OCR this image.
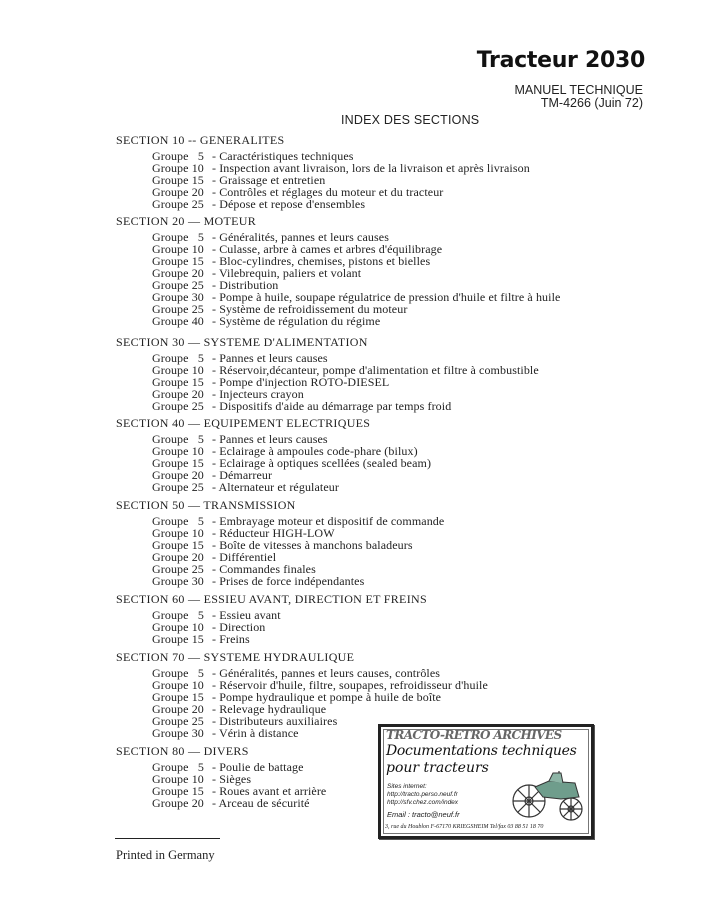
Tracteur 2030
MANUEL TECHNIQUE
TM-4266 (Juin 72)
INDEX DES SECTIONS
SECTION 10 -- GENERALITES
Groupe   5 - Caractéristiques techniques
Groupe 10 - Inspection avant livraison, lors de la livraison et après livraison
Groupe 15 - Graissage et entretien
Groupe 20 - Contrôles et réglages du moteur et du tracteur
Groupe 25 - Dépose et repose d'ensembles
SECTION 20 — MOTEUR
Groupe   5 - Généralités, pannes et leurs causes
Groupe 10 - Culasse, arbre à cames et arbres d'équilibrage
Groupe 15 - Bloc-cylindres, chemises, pistons et bielles
Groupe 20 - Vilebrequin, paliers et volant
Groupe 25 - Distribution
Groupe 30 - Pompe à huile, soupape régulatrice de pression d'huile et filtre à huile
Groupe 25 - Système de refroidissement du moteur
Groupe 40 - Système de régulation du régime
SECTION 30 — SYSTEME D'ALIMENTATION
Groupe   5 - Pannes et leurs causes
Groupe 10 - Réservoir,décanteur, pompe d'alimentation et filtre à combustible
Groupe 15 - Pompe d'injection ROTO-DIESEL
Groupe 20 - Injecteurs crayon
Groupe 25 - Dispositifs d'aide au démarrage par temps froid
SECTION 40 — EQUIPEMENT ELECTRIQUES
Groupe   5 - Pannes et leurs causes
Groupe 10 - Eclairage à ampoules code-phare (bilux)
Groupe 15 - Eclairage à optiques scellées (sealed beam)
Groupe 20 - Démarreur
Groupe 25 - Alternateur et régulateur
SECTION 50 — TRANSMISSION
Groupe   5 - Embrayage moteur et dispositif de commande
Groupe 10 - Réducteur HIGH-LOW
Groupe 15 - Boîte de vitesses à manchons baladeurs
Groupe 20 - Différentiel
Groupe 25 - Commandes finales
Groupe 30 - Prises de force indépendantes
SECTION 60 — ESSIEU AVANT, DIRECTION ET FREINS
Groupe   5 - Essieu avant
Groupe 10 - Direction
Groupe 15 - Freins
SECTION 70 — SYSTEME HYDRAULIQUE
Groupe   5 - Généralités, pannes et leurs causes, contrôles
Groupe 10 - Réservoir d'huile, filtre, soupapes, refroidisseur d'huile
Groupe 15 - Pompe hydraulique et pompe à huile de boîte
Groupe 20 - Relevage hydraulique
Groupe 25 - Distributeurs auxiliaires
Groupe 30 - Vérin à distance
SECTION 80 — DIVERS
Groupe   5 - Poulie de battage
Groupe 10 - Sièges
Groupe 15 - Roues avant et arrière
Groupe 20 - Arceau de sécurité
TRACTO-RETRO ARCHIVES
Documentations techniques
pour tracteurs
Sites internet:
http://tracto.perso.neuf.fr
http://sfv.chez.com/index
Email : tracto@neuf.fr
3, rue du Houblon F-67170 KRIEGSHEIM Tel/fax 03 88 51 18 70
Printed in Germany
